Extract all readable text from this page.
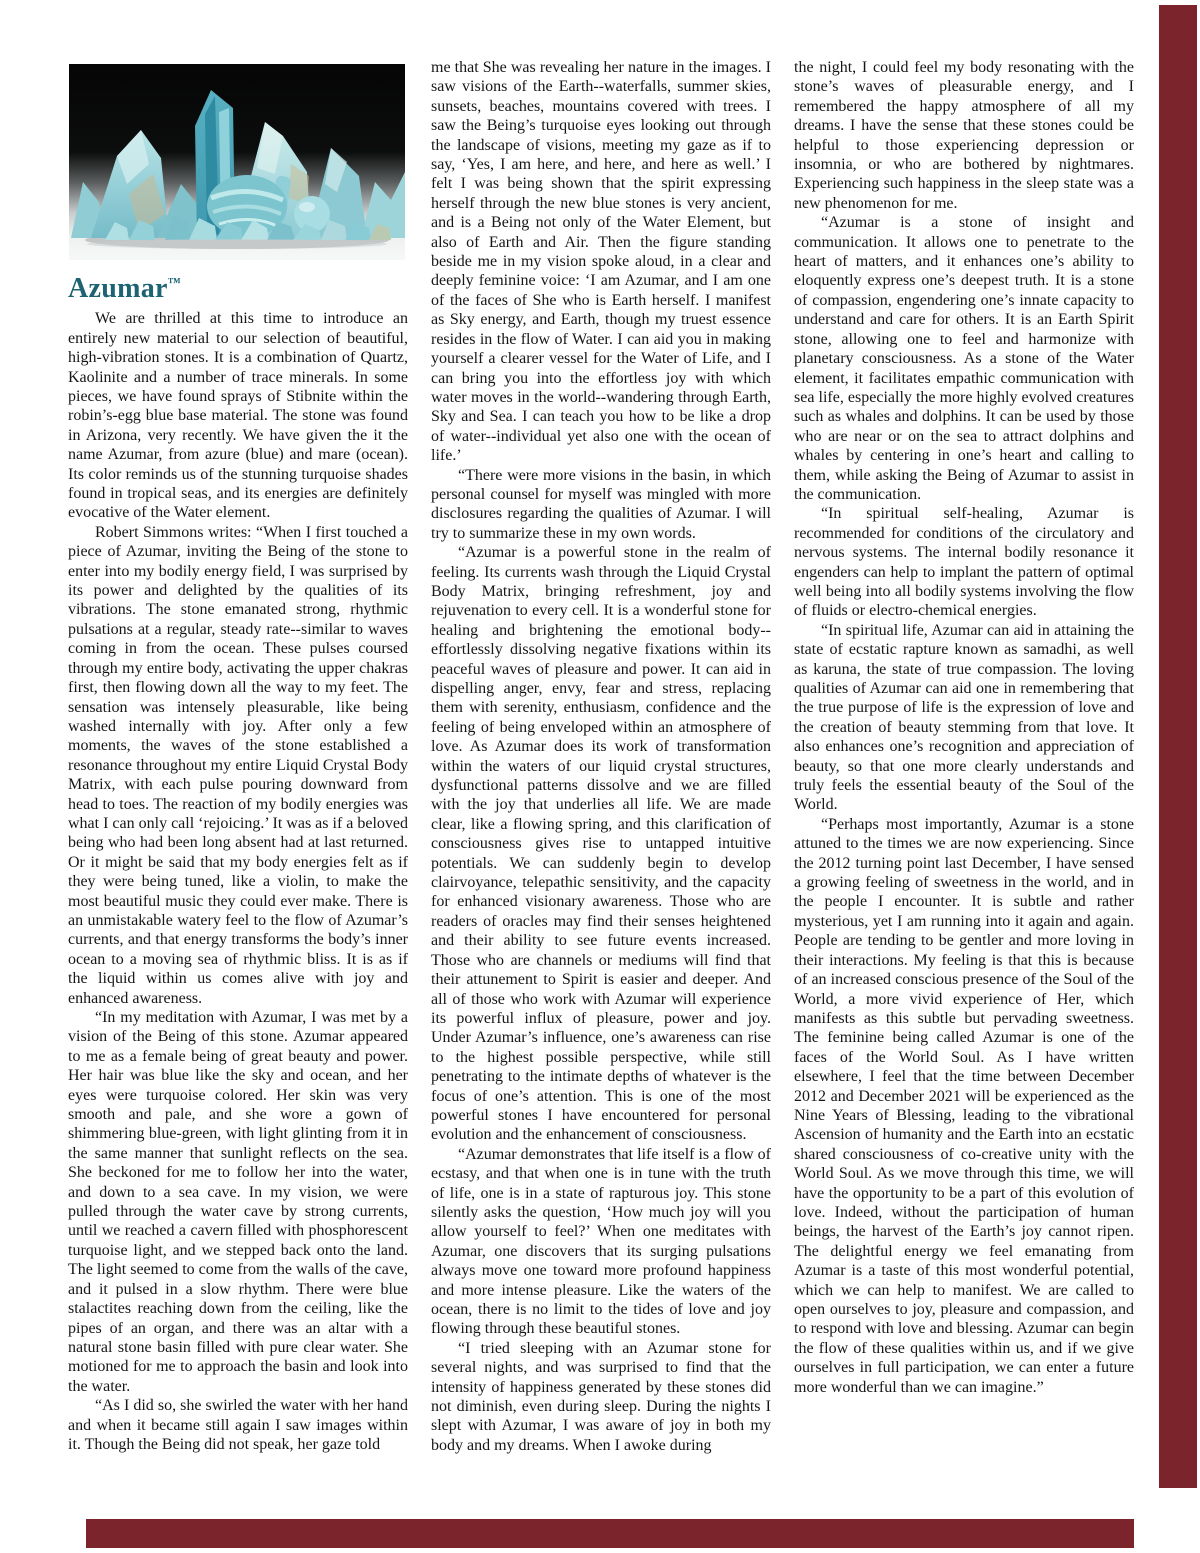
Azumar™

We are thrilled at this time to introduce an entirely new material to our selection of beautiful, high-vibration stones. It is a combination of Quartz, Kaolinite and a number of trace minerals. In some pieces, we have found sprays of Stibnite within the robin’s-egg blue base material. The stone was found in Arizona, very recently. We have given the it the name Azumar, from azure (blue) and mare (ocean). Its color reminds us of the stunning turquoise shades found in tropical seas, and its energies are definitely evocative of the Water element.

Robert Simmons writes: “When I first touched a piece of Azumar, inviting the Being of the stone to enter into my bodily energy field, I was surprised by its power and delighted by the qualities of its vibrations. The stone emanated strong, rhythmic pulsations at a regular, steady rate--similar to waves coming in from the ocean. These pulses coursed through my entire body, activating the upper chakras first, then flowing down all the way to my feet. The sensation was intensely pleasurable, like being washed internally with joy. After only a few moments, the waves of the stone established a resonance throughout my entire Liquid Crystal Body Matrix, with each pulse pouring downward from head to toes. The reaction of my bodily energies was what I can only call ‘rejoicing.’ It was as if a beloved being who had been long absent had at last returned. Or it might be said that my body energies felt as if they were being tuned, like a violin, to make the most beautiful music they could ever make. There is an unmistakable watery feel to the flow of Azumar’s currents, and that energy transforms the body’s inner ocean to a moving sea of rhythmic bliss. It is as if the liquid within us comes alive with joy and enhanced awareness.

“In my meditation with Azumar, I was met by a vision of the Being of this stone. Azumar appeared to me as a female being of great beauty and power. Her hair was blue like the sky and ocean, and her eyes were turquoise colored. Her skin was very smooth and pale, and she wore a gown of shimmering blue-green, with light glinting from it in the same manner that sunlight reflects on the sea. She beckoned for me to follow her into the water, and down to a sea cave. In my vision, we were pulled through the water cave by strong currents, until we reached a cavern filled with phosphorescent turquoise light, and we stepped back onto the land. The light seemed to come from the walls of the cave, and it pulsed in a slow rhythm. There were blue stalactites reaching down from the ceiling, like the pipes of an organ, and there was an altar with a natural stone basin filled with pure clear water. She motioned for me to approach the basin and look into the water.

“As I did so, she swirled the water with her hand and when it became still again I saw images within it. Though the Being did not speak, her gaze told

me that She was revealing her nature in the images. I saw visions of the Earth--waterfalls, summer skies, sunsets, beaches, mountains covered with trees. I saw the Being’s turquoise eyes looking out through the landscape of visions, meeting my gaze as if to say, ‘Yes, I am here, and here, and here as well.’ I felt I was being shown that the spirit expressing herself through the new blue stones is very ancient, and is a Being not only of the Water Element, but also of Earth and Air. Then the figure standing beside me in my vision spoke aloud, in a clear and deeply feminine voice: ‘I am Azumar, and I am one of the faces of She who is Earth herself. I manifest as Sky energy, and Earth, though my truest essence resides in the flow of Water. I can aid you in making yourself a clearer vessel for the Water of Life, and I can bring you into the effortless joy with which water moves in the world--wandering through Earth, Sky and Sea. I can teach you how to be like a drop of water--individual yet also one with the ocean of life.’

“There were more visions in the basin, in which personal counsel for myself was mingled with more disclosures regarding the qualities of Azumar. I will try to summarize these in my own words.

“Azumar is a powerful stone in the realm of feeling. Its currents wash through the Liquid Crystal Body Matrix, bringing refreshment, joy and rejuvenation to every cell. It is a wonderful stone for healing and brightening the emotional body--effortlessly dissolving negative fixations within its peaceful waves of pleasure and power. It can aid in dispelling anger, envy, fear and stress, replacing them with serenity, enthusiasm, confidence and the feeling of being enveloped within an atmosphere of love. As Azumar does its work of transformation within the waters of our liquid crystal structures, dysfunctional patterns dissolve and we are filled with the joy that underlies all life. We are made clear, like a flowing spring, and this clarification of consciousness gives rise to untapped intuitive potentials. We can suddenly begin to develop clairvoyance, telepathic sensitivity, and the capacity for enhanced visionary awareness. Those who are readers of oracles may find their senses heightened and their ability to see future events increased. Those who are channels or mediums will find that their attunement to Spirit is easier and deeper. And all of those who work with Azumar will experience its powerful influx of pleasure, power and joy. Under Azumar’s influence, one’s awareness can rise to the highest possible perspective, while still penetrating to the intimate depths of whatever is the focus of one’s attention. This is one of the most powerful stones I have encountered for personal evolution and the enhancement of consciousness.

“Azumar demonstrates that life itself is a flow of ecstasy, and that when one is in tune with the truth of life, one is in a state of rapturous joy. This stone silently asks the question, ‘How much joy will you allow yourself to feel?’ When one meditates with Azumar, one discovers that its surging pulsations always move one toward more profound happiness and more intense pleasure. Like the waters of the ocean, there is no limit to the tides of love and joy flowing through these beautiful stones.

“I tried sleeping with an Azumar stone for several nights, and was surprised to find that the intensity of happiness generated by these stones did not diminish, even during sleep. During the nights I slept with Azumar, I was aware of joy in both my body and my dreams. When I awoke during

the night, I could feel my body resonating with the stone’s waves of pleasurable energy, and I remembered the happy atmosphere of all my dreams. I have the sense that these stones could be helpful to those experiencing depression or insomnia, or who are bothered by nightmares. Experiencing such happiness in the sleep state was a new phenomenon for me.

“Azumar is a stone of insight and communication. It allows one to penetrate to the heart of matters, and it enhances one’s ability to eloquently express one’s deepest truth. It is a stone of compassion, engendering one’s innate capacity to understand and care for others. It is an Earth Spirit stone, allowing one to feel and harmonize with planetary consciousness. As a stone of the Water element, it facilitates empathic communication with sea life, especially the more highly evolved creatures such as whales and dolphins. It can be used by those who are near or on the sea to attract dolphins and whales by centering in one’s heart and calling to them, while asking the Being of Azumar to assist in the communication.

“In spiritual self-healing, Azumar is recommended for conditions of the circulatory and nervous systems. The internal bodily resonance it engenders can help to implant the pattern of optimal well being into all bodily systems involving the flow of fluids or electro-chemical energies.

“In spiritual life, Azumar can aid in attaining the state of ecstatic rapture known as samadhi, as well as karuna, the state of true compassion. The loving qualities of Azumar can aid one in remembering that the true purpose of life is the expression of love and the creation of beauty stemming from that love. It also enhances one’s recognition and appreciation of beauty, so that one more clearly understands and truly feels the essential beauty of the Soul of the World.

“Perhaps most importantly, Azumar is a stone attuned to the times we are now experiencing. Since the 2012 turning point last December, I have sensed a growing feeling of sweetness in the world, and in the people I encounter. It is subtle and rather mysterious, yet I am running into it again and again. People are tending to be gentler and more loving in their interactions. My feeling is that this is because of an increased conscious presence of the Soul of the World, a more vivid experience of Her, which manifests as this subtle but pervading sweetness. The feminine being called Azumar is one of the faces of the World Soul. As I have written elsewhere, I feel that the time between December 2012 and December 2021 will be experienced as the Nine Years of Blessing, leading to the vibrational Ascension of humanity and the Earth into an ecstatic shared consciousness of co-creative unity with the World Soul. As we move through this time, we will have the opportunity to be a part of this evolution of love. Indeed, without the participation of human beings, the harvest of the Earth’s joy cannot ripen. The delightful energy we feel emanating from Azumar is a taste of this most wonderful potential, which we can help to manifest. We are called to open ourselves to joy, pleasure and compassion, and to respond with love and blessing. Azumar can begin the flow of these qualities within us, and if we give ourselves in full participation, we can enter a future more wonderful than we can imagine.”
